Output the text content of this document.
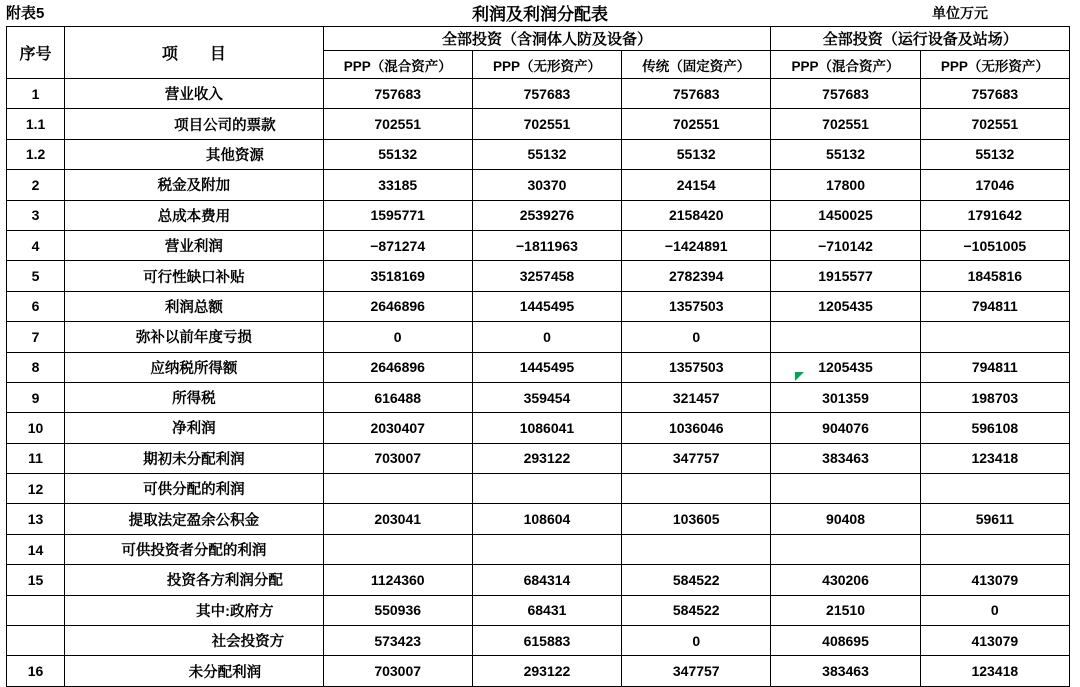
附表5	利润及利润分配表	单位万元
序号	项　　目	全部投资（含洞体人防及设备）			全部投资（运行设备及站场）	
		PPP（混合资产）	PPP（无形资产）	传统（固定资产）	PPP（混合资产）	PPP（无形资产）
1	营业收入	757683	757683	757683	757683	757683
1.1	项目公司的票款	702551	702551	702551	702551	702551
1.2	其他资源	55132	55132	55132	55132	55132
2	税金及附加	33185	30370	24154	17800	17046
3	总成本费用	1595771	2539276	2158420	1450025	1791642
4	营业利润	−871274	−1811963	−1424891	−710142	−1051005
5	可行性缺口补贴	3518169	3257458	2782394	1915577	1845816
6	利润总额	2646896	1445495	1357503	1205435	794811
7	弥补以前年度亏损	0	0	0		
8	应纳税所得额	2646896	1445495	1357503	1205435	794811
9	所得税	616488	359454	321457	301359	198703
10	净利润	2030407	1086041	1036046	904076	596108
11	期初未分配利润	703007	293122	347757	383463	123418
12	可供分配的利润					
13	提取法定盈余公积金	203041	108604	103605	90408	59611
14	可供投资者分配的利润					
15	投资各方利润分配	1124360	684314	584522	430206	413079
	其中:政府方	550936	68431	584522	21510	0
	社会投资方	573423	615883	0	408695	413079
16	未分配利润	703007	293122	347757	383463	123418
